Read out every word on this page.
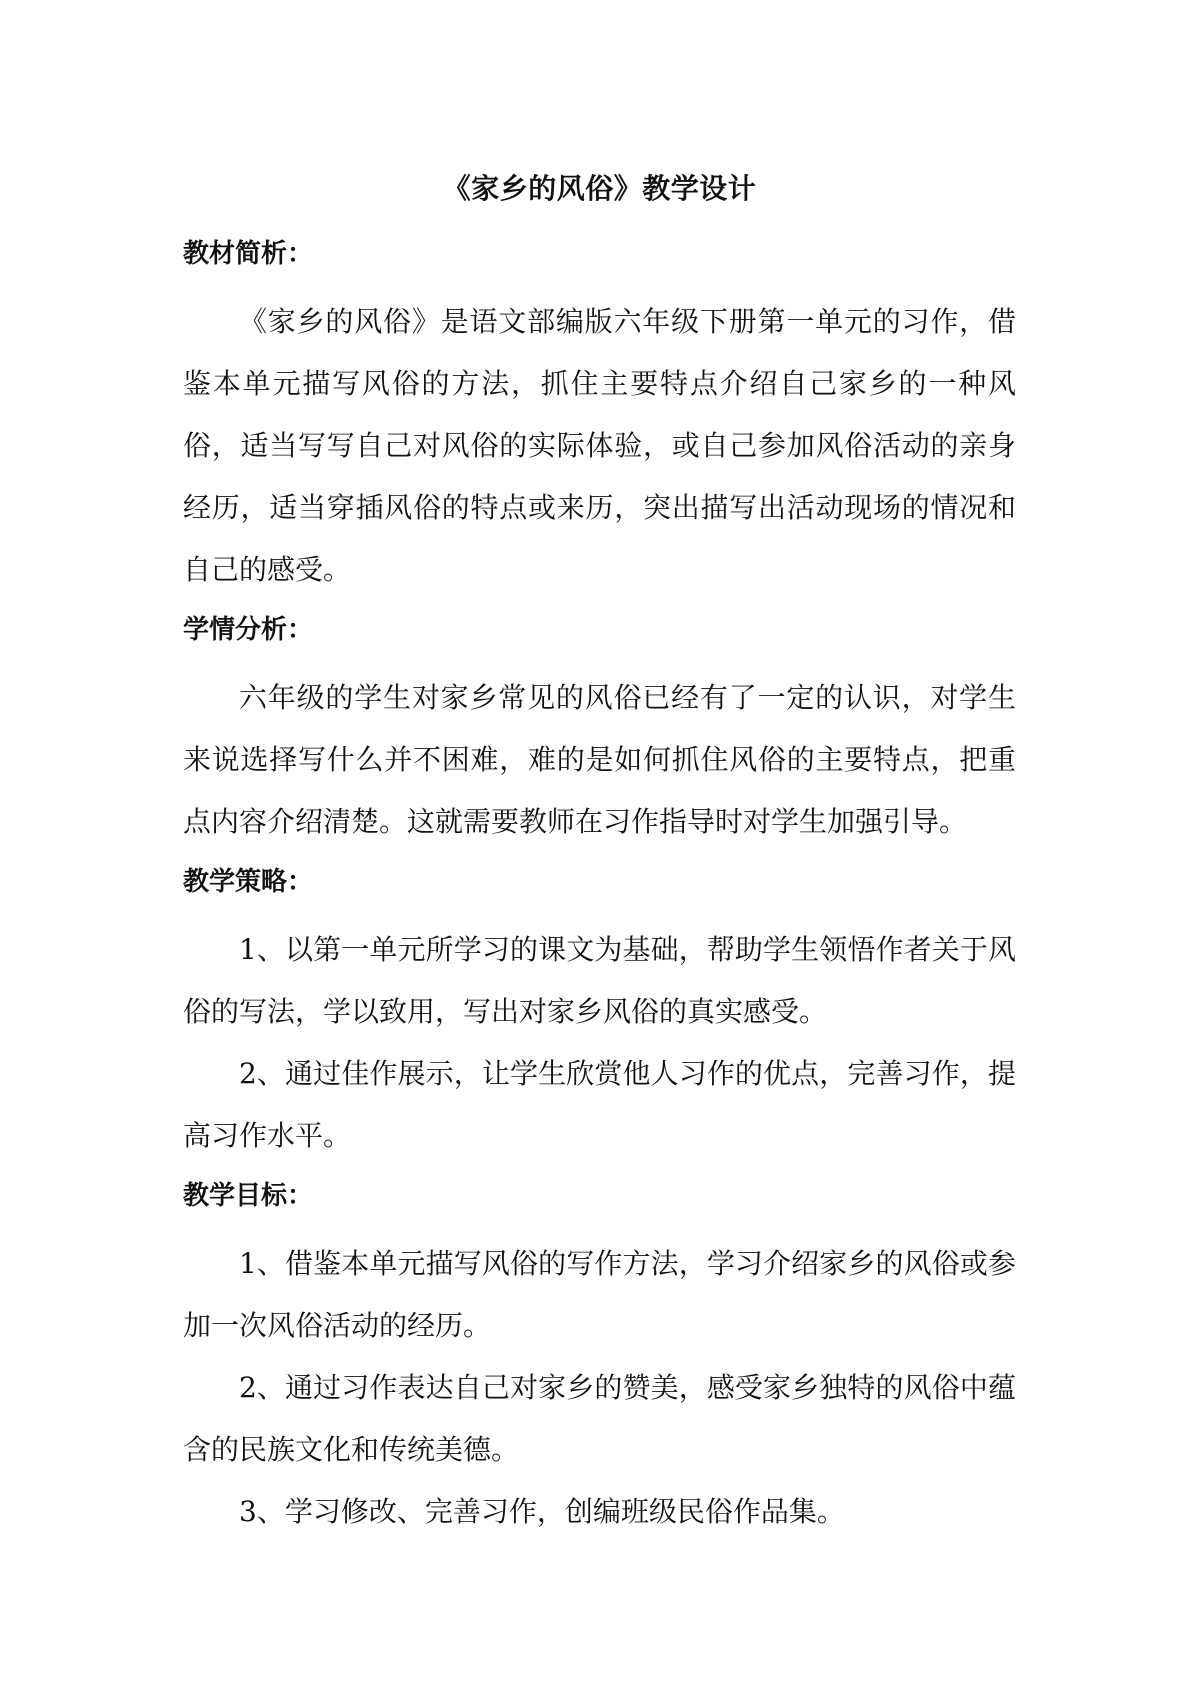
《家乡的风俗》教学设计
教材简析：

《家乡的风俗》是语文部编版六年级下册第一单元的习作，借鉴本单元描写风俗的方法，抓住主要特点介绍自己家乡的一种风俗，适当写写自己对风俗的实际体验，或自己参加风俗活动的亲身经历，适当穿插风俗的特点或来历，突出描写出活动现场的情况和自己的感受。

学情分析：

六年级的学生对家乡常见的风俗已经有了一定的认识，对学生来说选择写什么并不困难，难的是如何抓住风俗的主要特点，把重点内容介绍清楚。这就需要教师在习作指导时对学生加强引导。

教学策略：

1、以第一单元所学习的课文为基础，帮助学生领悟作者关于风俗的写法，学以致用，写出对家乡风俗的真实感受。

2、通过佳作展示，让学生欣赏他人习作的优点，完善习作，提高习作水平。

教学目标：

1、借鉴本单元描写风俗的写作方法，学习介绍家乡的风俗或参加一次风俗活动的经历。

2、通过习作表达自己对家乡的赞美，感受家乡独特的风俗中蕴含的民族文化和传统美德。

3、学习修改、完善习作，创编班级民俗作品集。
